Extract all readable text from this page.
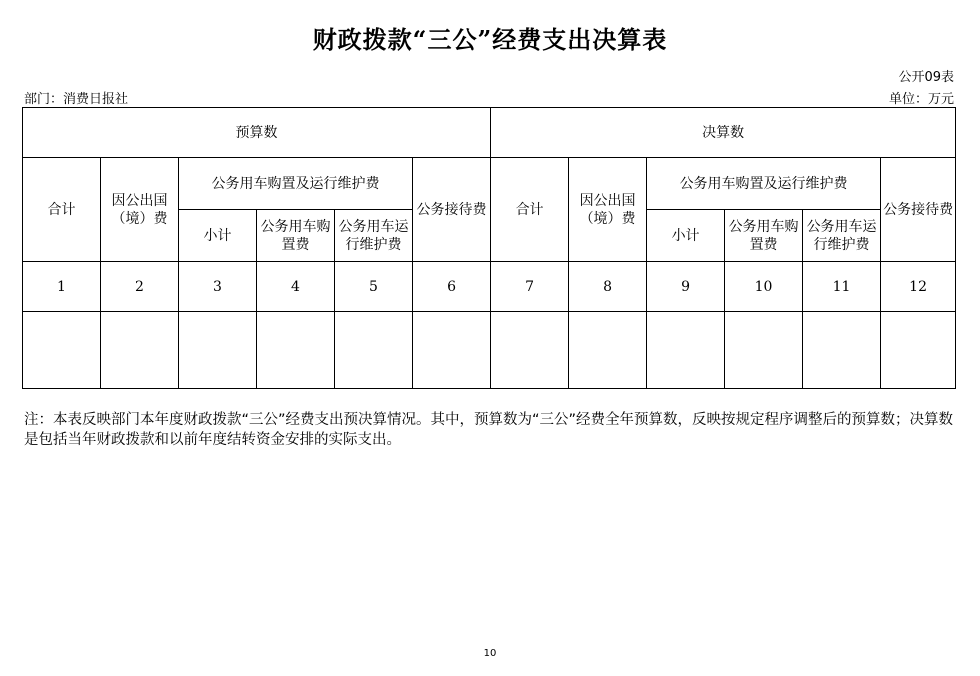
财政拨款“三公”经费支出决算表
公开09表
部门：消费日报社	单位：万元
预算数						决算数					
合计	因公出国（境）费	公务用车购置及运行维护费			公务接待费	合计	因公出国（境）费	公务用车购置及运行维护费			公务接待费
		小计	公务用车购置费	公务用车运行维护费				小计	公务用车购置费	公务用车运行维护费	
1	2	3	4	5	6	7	8	9	10	11	12

注：本表反映部门本年度财政拨款“三公”经费支出预决算情况。其中，预算数为“三公”经费全年预算数，反映按规定程序调整后的预算数；决算数是包括当年财政拨款和以前年度结转资金安排的实际支出。
10
